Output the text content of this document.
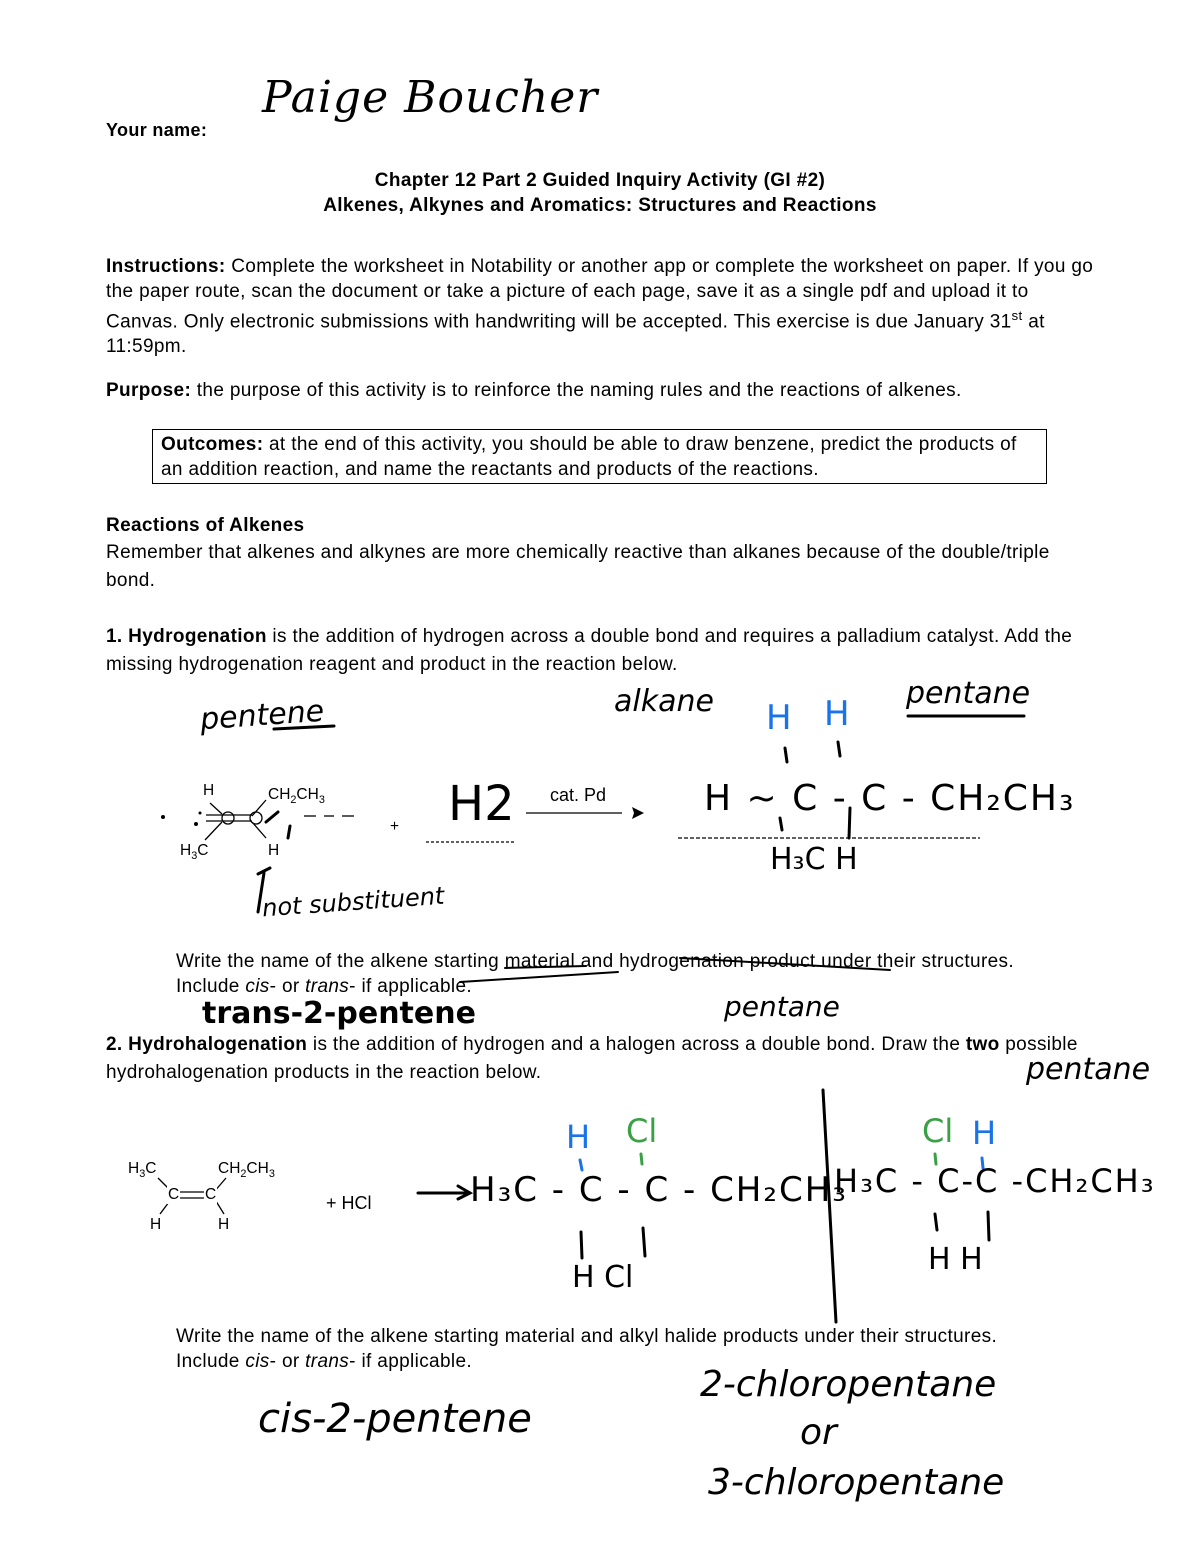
Your name:
Paige Boucher
Chapter 12 Part 2 Guided Inquiry Activity (GI #2)
Alkenes, Alkynes and Aromatics: Structures and Reactions
Instructions: Complete the worksheet in Notability or another app or complete the worksheet on paper. If you go the paper route, scan the document or take a picture of each page, save it as a single pdf and upload it to Canvas. Only electronic submissions with handwriting will be accepted. This exercise is due January 31st at 11:59pm.
Purpose: the purpose of this activity is to reinforce the naming rules and the reactions of alkenes.
Outcomes: at the end of this activity, you should be able to draw benzene, predict the products of an addition reaction, and name the reactants and products of the reactions.
Reactions of Alkenes
Remember that alkenes and alkynes are more chemically reactive than alkanes because of the double/triple bond.
1. Hydrogenation is the addition of hydrogen across a double bond and requires a palladium catalyst. Add the missing hydrogenation reagent and product in the reaction below.
pentene	alkane	pentane
H H
H ~ C - C - CH₂CH₃
H₃C H
H2
not substituent
H	$CH_2CH_3$
$H_3C$	H
+
cat. Pd
Write the name of the alkene starting material and hydrogenation product under their structures. Include cis- or trans- if applicable.
trans-2-pentene	pentane
2. Hydrohalogenation is the addition of hydrogen and a halogen across a double bond. Draw the two possible hydrohalogenation products in the reaction below.	pentane
$H_3C$	$CH_2CH_3$
C C
H	H
+ HCl
H Cl
H₃C - C - C - CH₂CH₃
H Cl
Cl H
H₃C - C-C -CH₂CH₃
H H
Write the name of the alkene starting material and alkyl halide products under their structures. Include cis- or trans- if applicable.
cis-2-pentene
2-chloropentane
or
3-chloropentane
